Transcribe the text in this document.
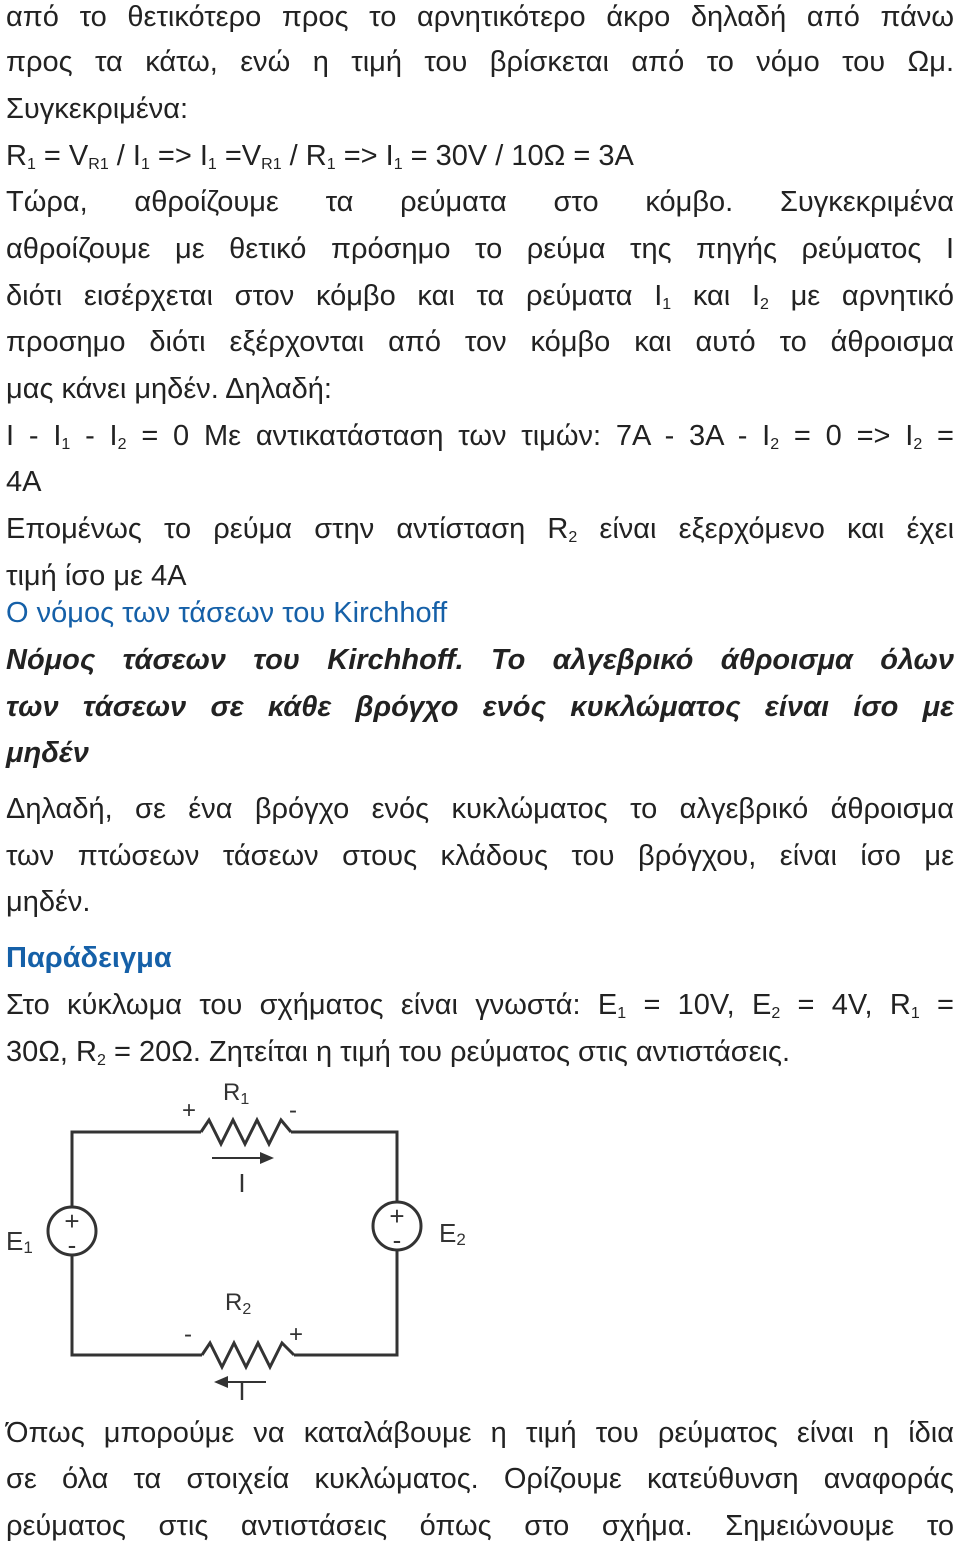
από το θετικότερο προς το αρνητικότερο άκρο δηλαδή από πάνω
προς τα κάτω, ενώ η τιμή του βρίσκεται από το νόμο του Ωμ.
Συγκεκριμένα:
$R_1 = V_{R1} / I_1 => I_1 =V_{R1} / R_1 => I_1 = 30V / 10\Omega = 3A$
Τώρα, αθροίζουμε τα ρεύματα στο κόμβο. Συγκεκριμένα
αθροίζουμε με θετικό πρόσημο το ρεύμα της πηγής ρεύματος Ι
διότι εισέρχεται στον κόμβο και τα ρεύματα $I_1$ και $I_2$ με αρνητικό
προσημο διότι εξέρχονται από τον κόμβο και αυτό το άθροισμα
μας κάνει μηδέν. Δηλαδή:
$I - I_1 - I_2 = 0$ Με αντικατάσταση των τιμών: $7A - 3A - I_2 = 0 => I_2$ =
4Α
Επομένως το ρεύμα στην αντίσταση $R_2$ είναι εξερχόμενο και έχει
τιμή ίσο με 4Α
Ο νόμος των τάσεων του Kirchhoff
Νόμος τάσεων του Kirchhoff. Το αλγεβρικό άθροισμα όλων
των τάσεων σε κάθε βρόγχο ενός κυκλώματος είναι ίσο με
μηδέν
Δηλαδή, σε ένα βρόγχο ενός κυκλώματος το αλγεβρικό άθροισμα
των πτώσεων τάσεων στους κλάδους του βρόγχου, είναι ίσο με
μηδέν.
Παράδειγμα
Στο κύκλωμα του σχήματος είναι γνωστά: $E_1 = 10V$, $E_2 = 4V$, $R_1$ =
30Ω, $R_2 = 20\Omega$. Ζητείται η τιμή του ρεύματος στις αντιστάσεις.
+
-
+
-
R1
+	-
I
E1	E2
R2
-	+
I
Όπως μπορούμε να καταλάβουμε η τιμή του ρεύματος είναι η ίδια
σε όλα τα στοιχεία κυκλώματος. Ορίζουμε κατεύθυνση αναφοράς
ρεύματος στις αντιστάσεις όπως στο σχήμα. Σημειώνουμε το
